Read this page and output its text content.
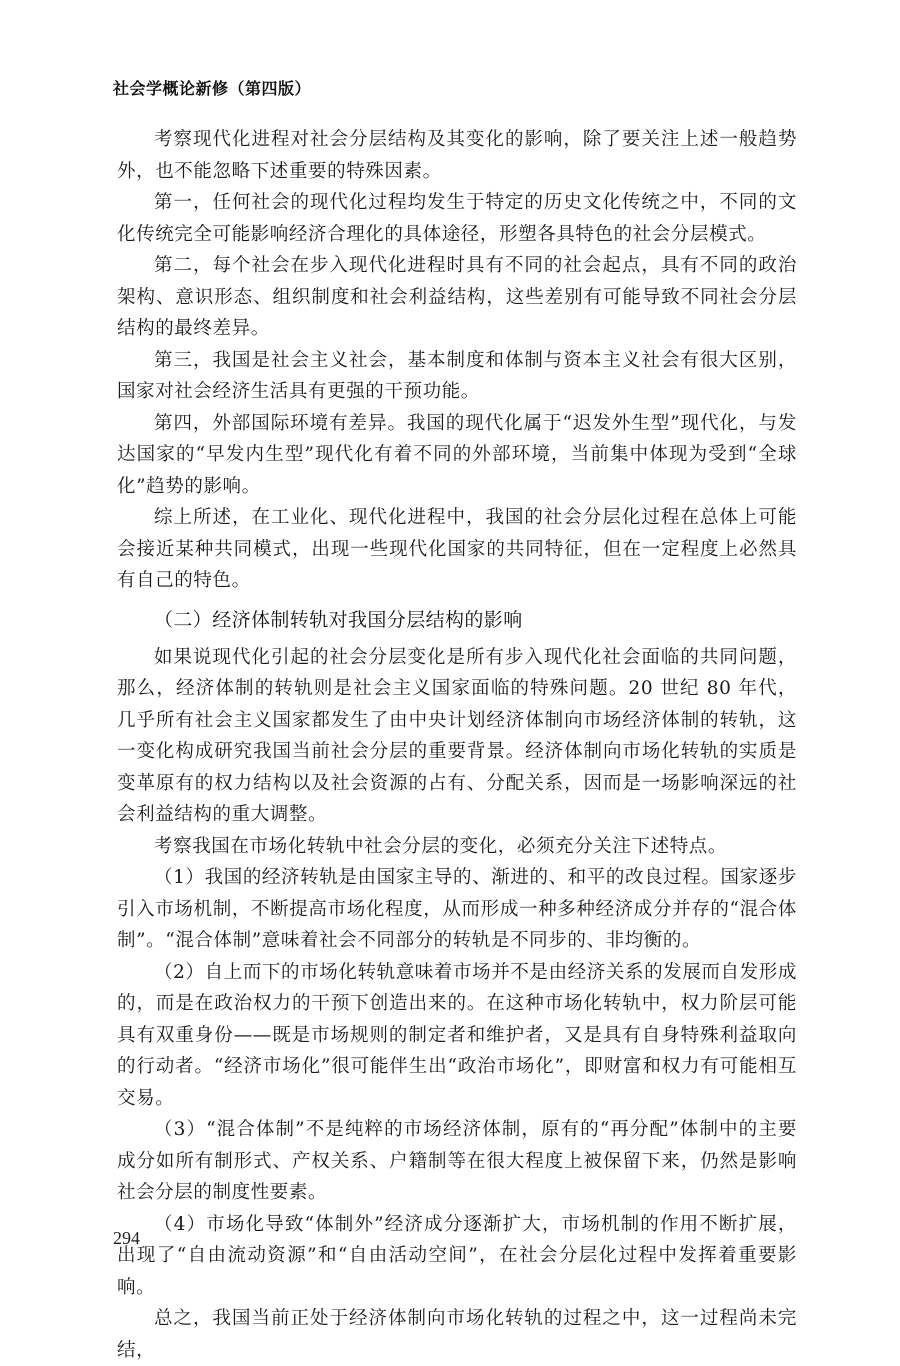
社会学概论新修（第四版）

考察现代化进程对社会分层结构及其变化的影响，除了要关注上述一般趋势外，也不能忽略下述重要的特殊因素。

第一，任何社会的现代化过程均发生于特定的历史文化传统之中，不同的文化传统完全可能影响经济合理化的具体途径，形塑各具特色的社会分层模式。

第二，每个社会在步入现代化进程时具有不同的社会起点，具有不同的政治架构、意识形态、组织制度和社会利益结构，这些差别有可能导致不同社会分层结构的最终差异。

第三，我国是社会主义社会，基本制度和体制与资本主义社会有很大区别，国家对社会经济生活具有更强的干预功能。

第四，外部国际环境有差异。我国的现代化属于“迟发外生型”现代化，与发达国家的“早发内生型”现代化有着不同的外部环境，当前集中体现为受到“全球化”趋势的影响。

综上所述，在工业化、现代化进程中，我国的社会分层化过程在总体上可能会接近某种共同模式，出现一些现代化国家的共同特征，但在一定程度上必然具有自己的特色。

（二）经济体制转轨对我国分层结构的影响

如果说现代化引起的社会分层变化是所有步入现代化社会面临的共同问题，那么，经济体制的转轨则是社会主义国家面临的特殊问题。20 世纪 80 年代，几乎所有社会主义国家都发生了由中央计划经济体制向市场经济体制的转轨，这一变化构成研究我国当前社会分层的重要背景。经济体制向市场化转轨的实质是变革原有的权力结构以及社会资源的占有、分配关系，因而是一场影响深远的社会利益结构的重大调整。

考察我国在市场化转轨中社会分层的变化，必须充分关注下述特点。

（1）我国的经济转轨是由国家主导的、渐进的、和平的改良过程。国家逐步引入市场机制，不断提高市场化程度，从而形成一种多种经济成分并存的“混合体制”。“混合体制”意味着社会不同部分的转轨是不同步的、非均衡的。

（2）自上而下的市场化转轨意味着市场并不是由经济关系的发展而自发形成的，而是在政治权力的干预下创造出来的。在这种市场化转轨中，权力阶层可能具有双重身份——既是市场规则的制定者和维护者，又是具有自身特殊利益取向的行动者。“经济市场化”很可能伴生出“政治市场化”，即财富和权力有可能相互交易。

（3）“混合体制”不是纯粹的市场经济体制，原有的“再分配”体制中的主要成分如所有制形式、产权关系、户籍制等在很大程度上被保留下来，仍然是影响社会分层的制度性要素。

（4）市场化导致“体制外”经济成分逐渐扩大，市场机制的作用不断扩展，出现了“自由流动资源”和“自由活动空间”，在社会分层化过程中发挥着重要影响。

总之，我国当前正处于经济体制向市场化转轨的过程之中，这一过程尚未完结，

294
